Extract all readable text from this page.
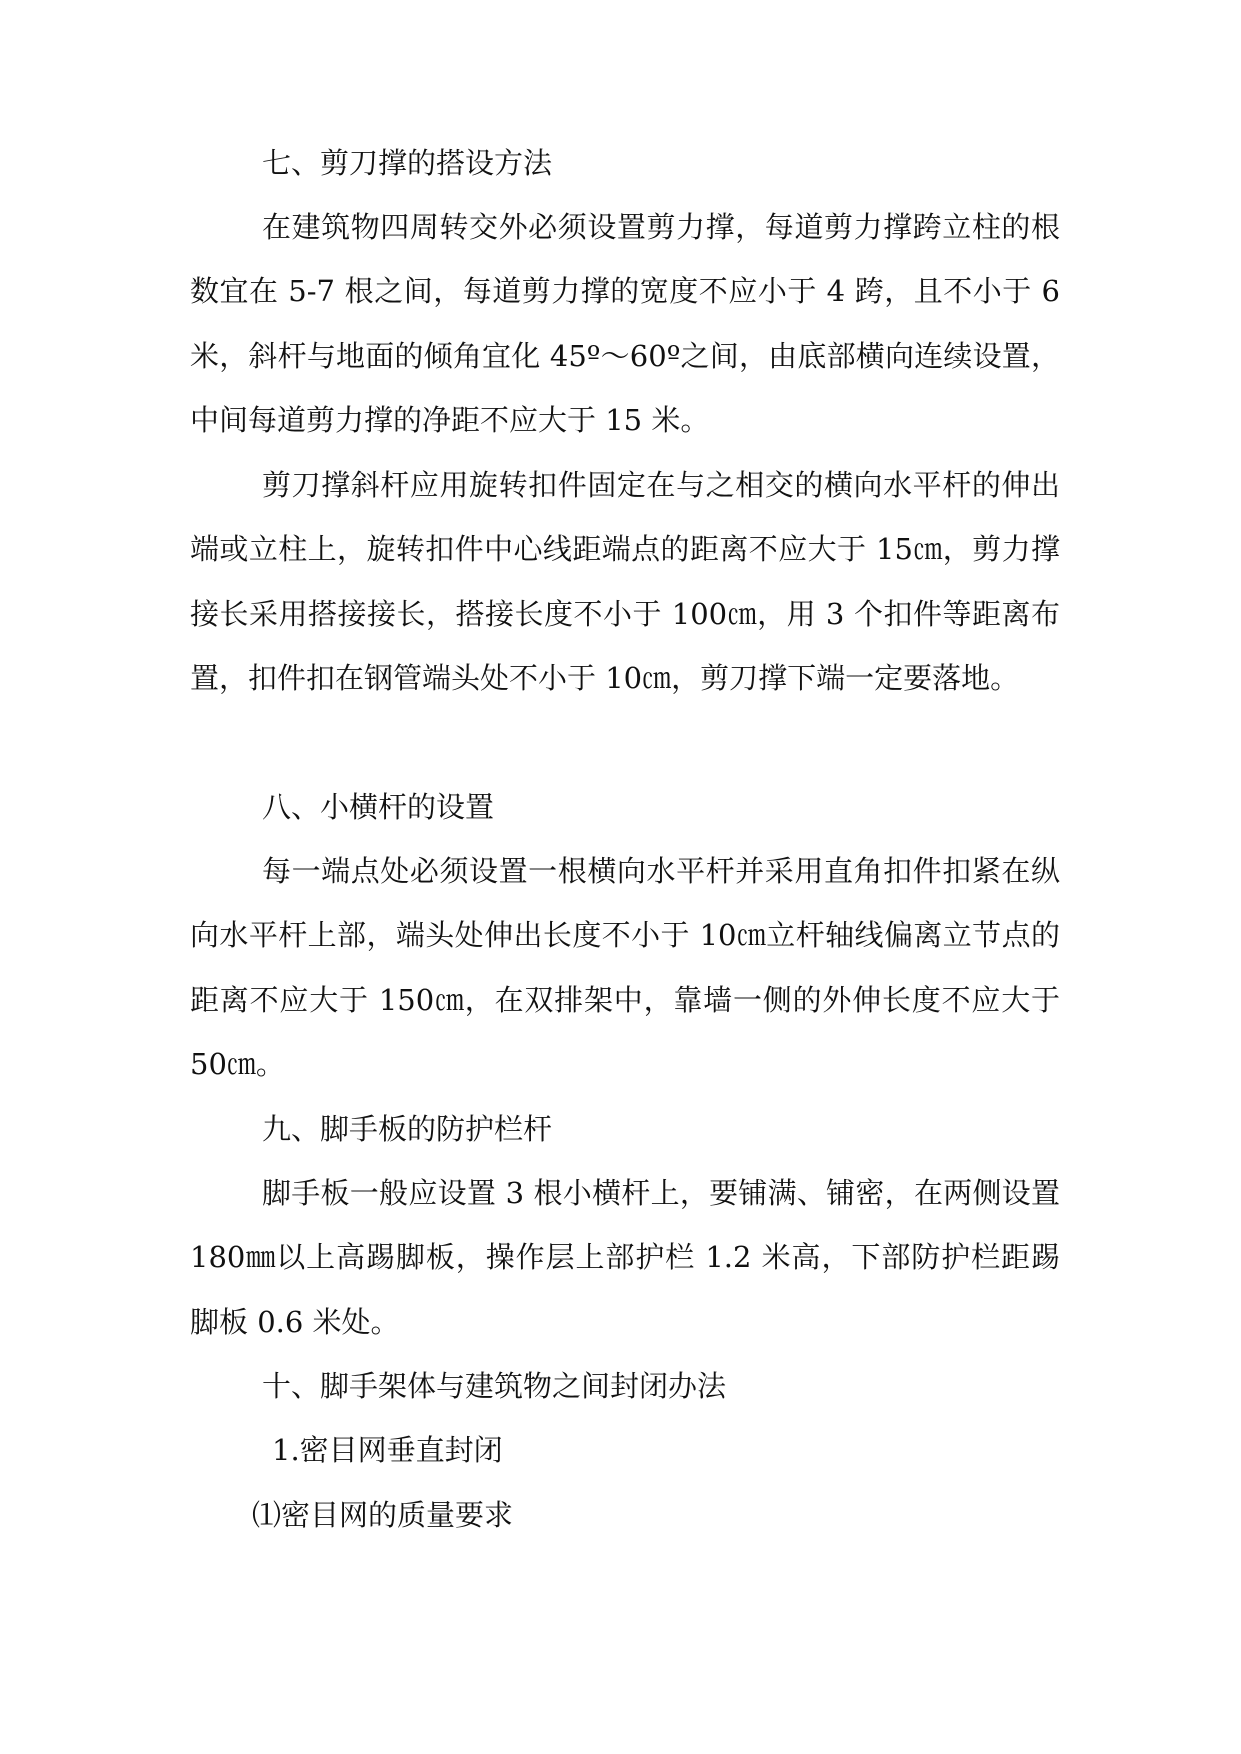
七、剪刀撑的搭设方法

在建筑物四周转交外必须设置剪力撑，每道剪力撑跨立柱的根数宜在 5-7 根之间，每道剪力撑的宽度不应小于 4 跨，且不小于 6 米，斜杆与地面的倾角宜化 45º～60º之间，由底部横向连续设置，中间每道剪力撑的净距不应大于 15 米。

剪刀撑斜杆应用旋转扣件固定在与之相交的横向水平杆的伸出端或立柱上，旋转扣件中心线距端点的距离不应大于 15㎝，剪力撑接长采用搭接接长，搭接长度不小于 100㎝，用 3 个扣件等距离布置，扣件扣在钢管端头处不小于 10㎝，剪刀撑下端一定要落地。

八、小横杆的设置

每一端点处必须设置一根横向水平杆并采用直角扣件扣紧在纵向水平杆上部，端头处伸出长度不小于 10㎝立杆轴线偏离立节点的距离不应大于 150㎝，在双排架中，靠墙一侧的外伸长度不应大于 50㎝。

九、脚手板的防护栏杆

脚手板一般应设置 3 根小横杆上，要铺满、铺密，在两侧设置 180㎜以上高踢脚板，操作层上部护栏 1.2 米高，下部防护栏距踢脚板 0.6 米处。

十、脚手架体与建筑物之间封闭办法

1.密目网垂直封闭

⑴密目网的质量要求
